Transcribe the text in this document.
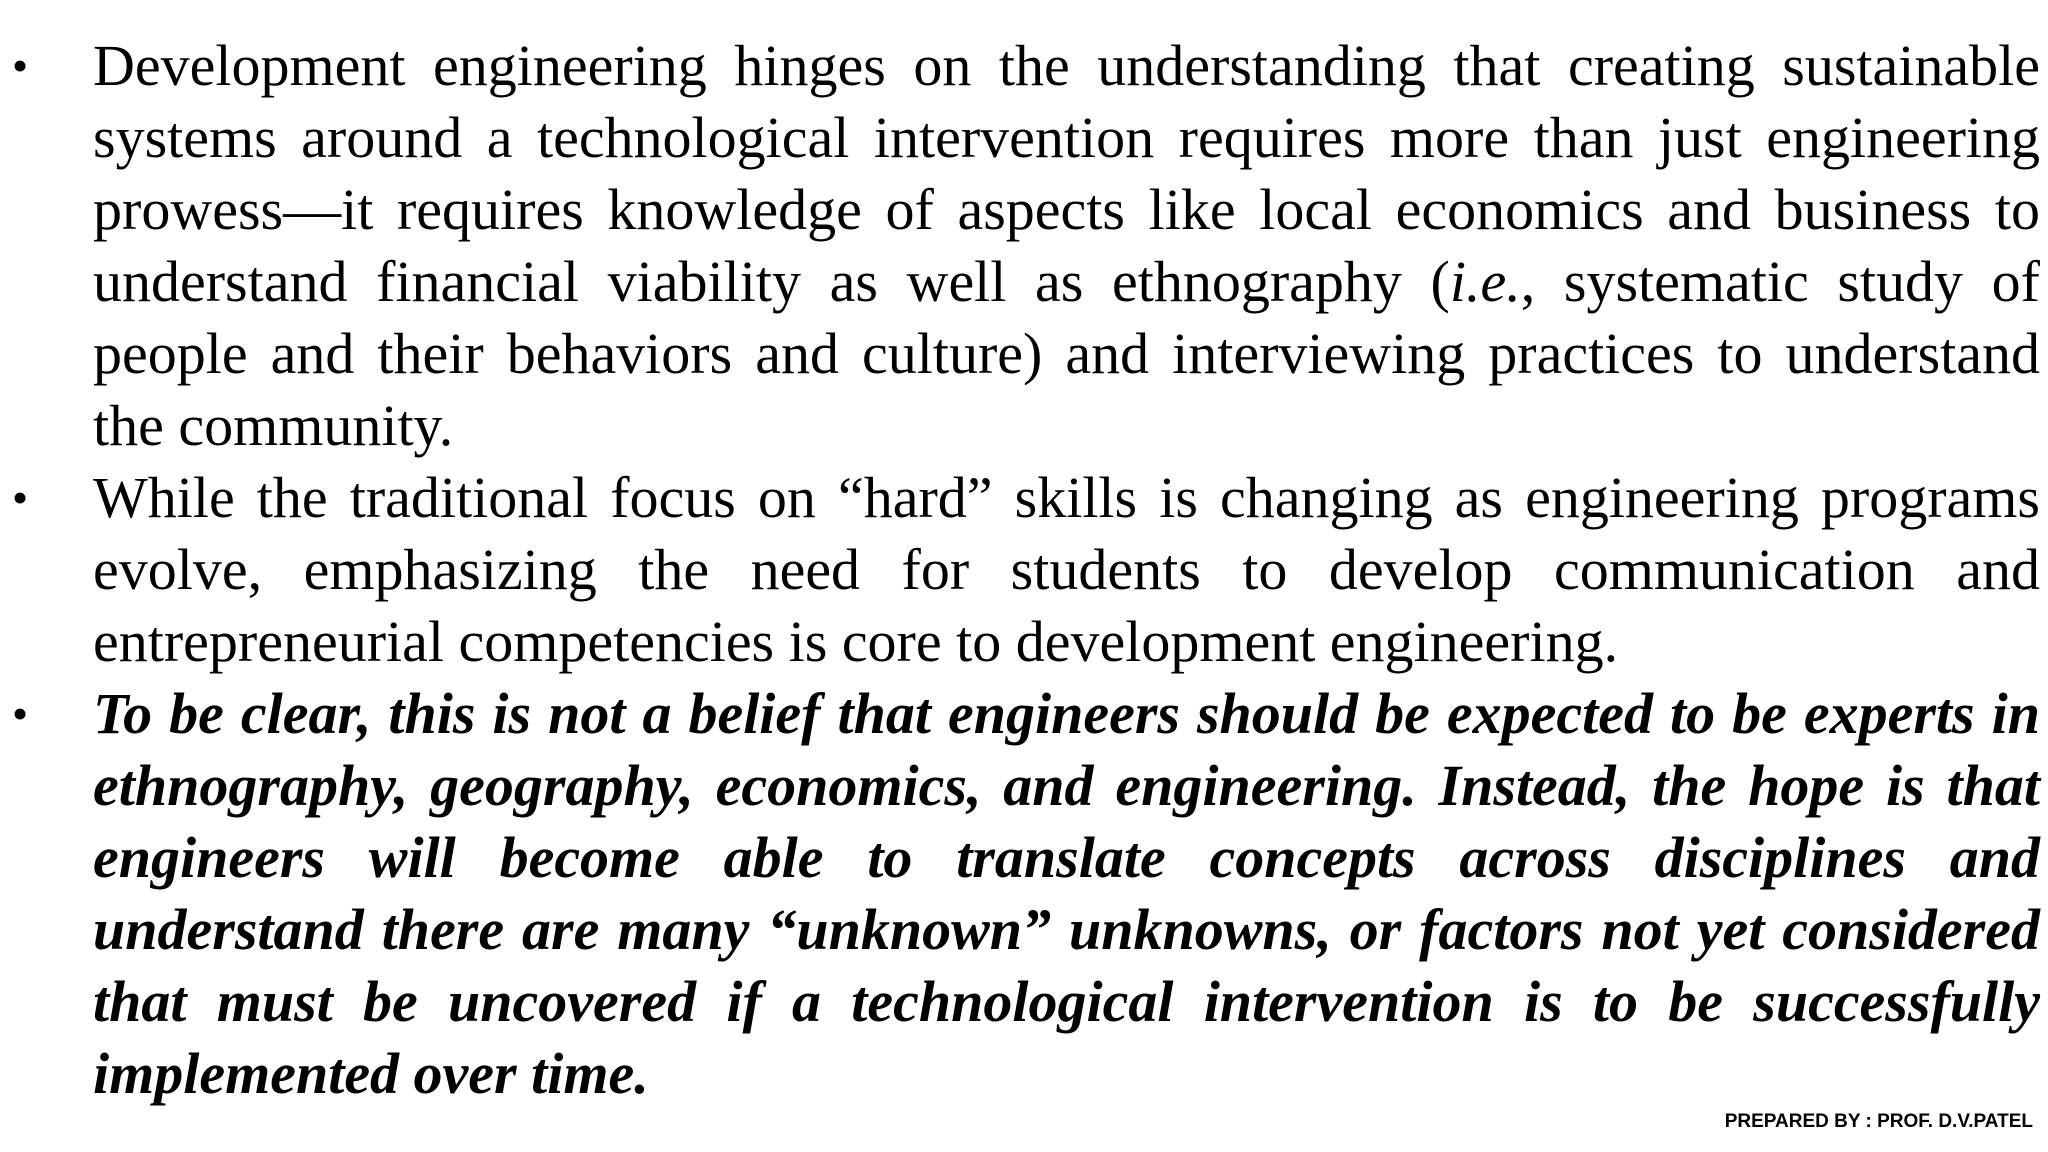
•	Development engineering hinges on the understanding that creating sustainable systems around a technological intervention requires more than just engineering prowess—it requires knowledge of aspects like local economics and business to understand financial viability as well as ethnography (i.e., systematic study of people and their behaviors and culture) and interviewing practices to understand the community.
•	While the traditional focus on “hard” skills is changing as engineering programs evolve, emphasizing the need for students to develop communication and entrepreneurial competencies is core to development engineering.
•	To be clear, this is not a belief that engineers should be expected to be experts in ethnography, geography, economics, and engineering. Instead, the hope is that engineers will become able to translate concepts across disciplines and understand there are many “unknown” unknowns, or factors not yet considered that must be uncovered if a technological intervention is to be successfully implemented over time.
PREPARED BY : PROF. D.V.PATEL
